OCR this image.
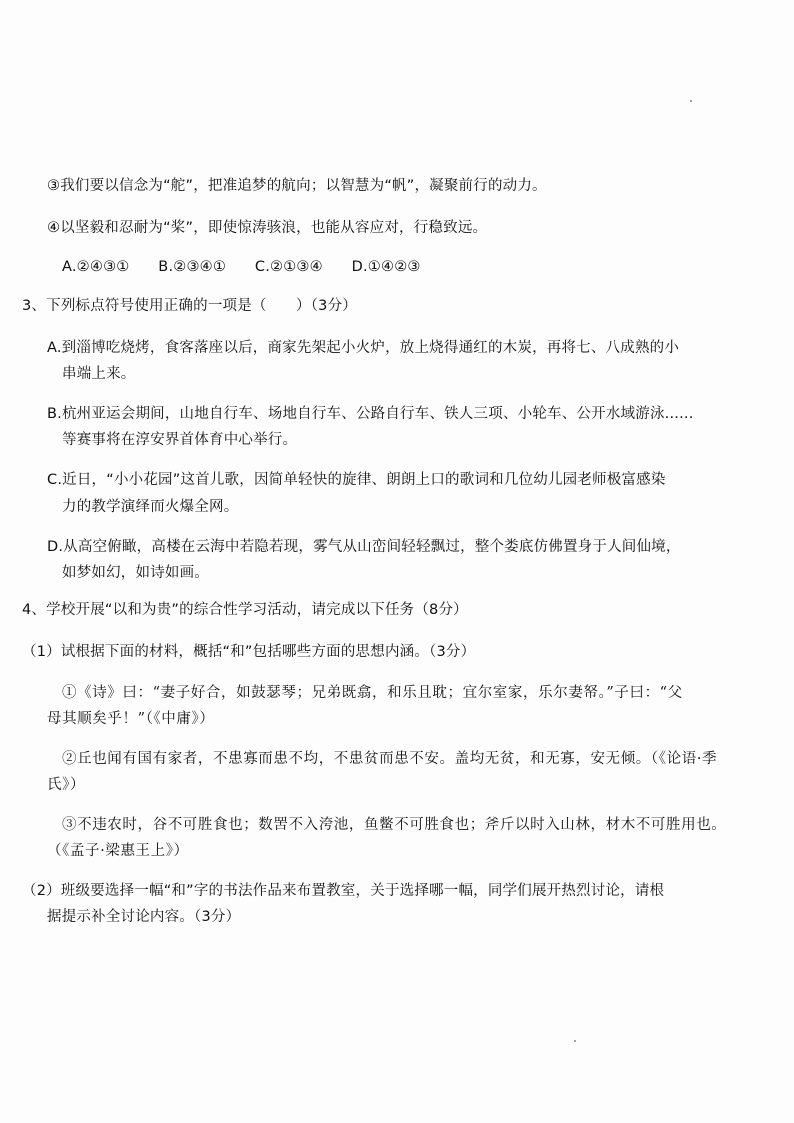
③我们要以信念为“舵”，把准追梦的航向；以智慧为“帆”，凝聚前行的动力。
④以坚毅和忍耐为“桨”，即使惊涛骇浪，也能从容应对，行稳致远。
A.②④③① B.②③④① C.②①③④ D.①④②③
3、下列标点符号使用正确的一项是（　　）（3分）
A.到淄博吃烧烤，食客落座以后，商家先架起小火炉，放上烧得通红的木炭，再将七、八成熟的小
串端上来。
B.杭州亚运会期间，山地自行车、场地自行车、公路自行车、铁人三项、小轮车、公开水域游泳......
等赛事将在淳安界首体育中心举行。
C.近日，“小小花园”这首儿歌，因简单轻快的旋律、朗朗上口的歌词和几位幼儿园老师极富感染
力的教学演绎而火爆全网。
D.从高空俯瞰，高楼在云海中若隐若现，雾气从山峦间轻轻飘过，整个娄底仿佛置身于人间仙境，
如梦如幻，如诗如画。
4、学校开展“以和为贵”的综合性学习活动，请完成以下任务（8分）
（1）试根据下面的材料，概括“和”包括哪些方面的思想内涵。（3分）
①《诗》曰：“妻子好合，如鼓瑟琴；兄弟既翕，和乐且耽；宜尔室家，乐尔妻帑。”子曰：“父
母其顺矣乎！”（《中庸》）
②丘也闻有国有家者，不患寡而患不均，不患贫而患不安。盖均无贫，和无寡，安无倾。（《论语·季
氏》）
③不违农时，谷不可胜食也；数罟不入洿池，鱼鳖不可胜食也；斧斤以时入山林，材木不可胜用也。
（《孟子·梁惠王上》）
（2）班级要选择一幅“和”字的书法作品来布置教室，关于选择哪一幅，同学们展开热烈讨论，请根
据提示补全讨论内容。（3分）
